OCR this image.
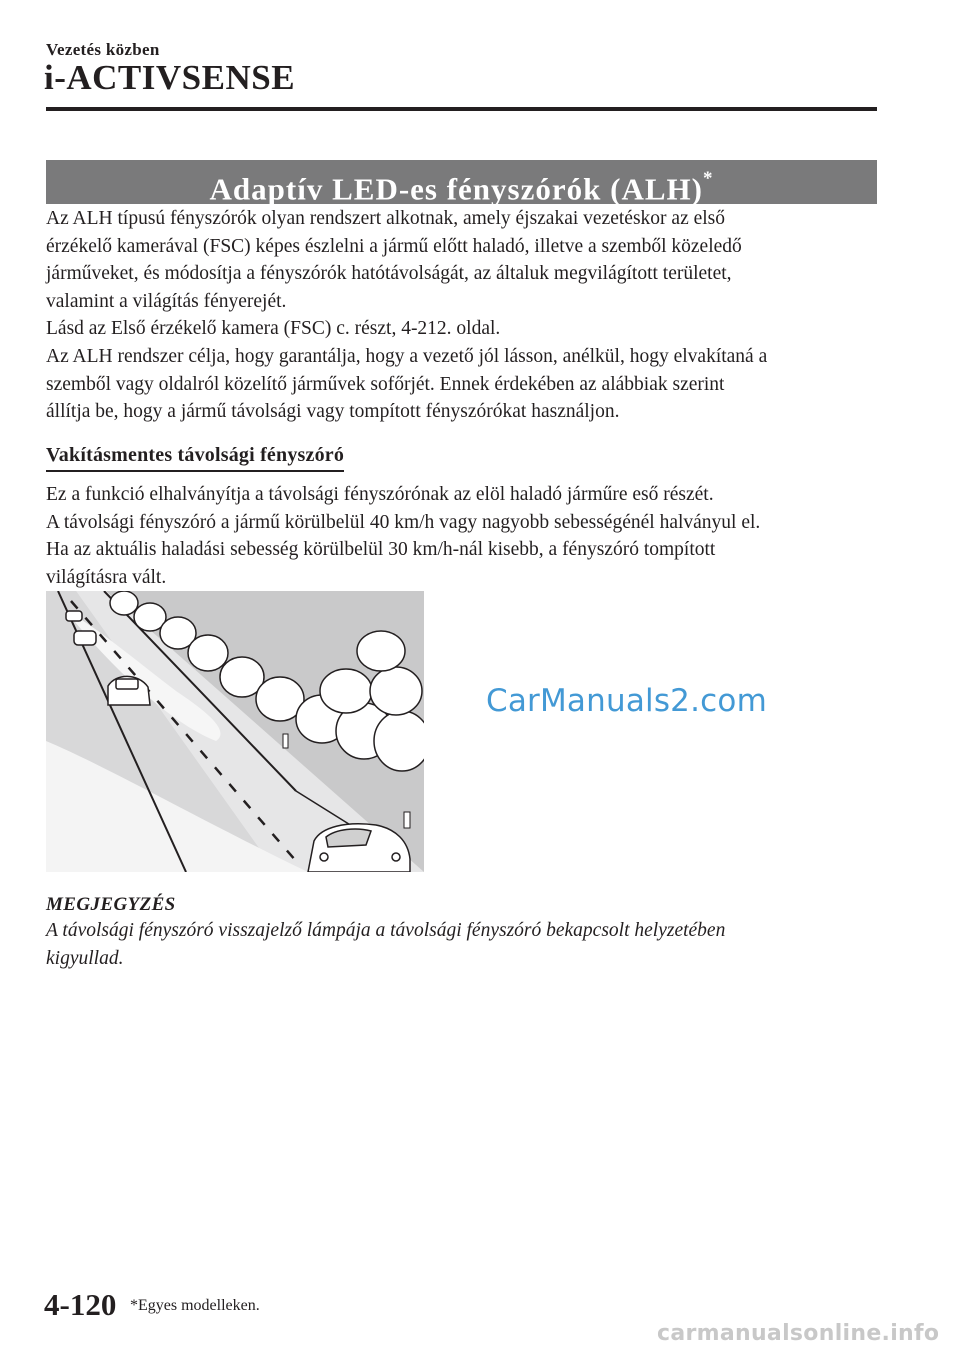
Vezetés közben
i-ACTIVSENSE
Adaptív LED-es fényszórók (ALH)*

Az ALH típusú fényszórók olyan rendszert alkotnak, amely éjszakai vezetéskor az első
érzékelő kamerával (FSC) képes észlelni a jármű előtt haladó, illetve a szemből közeledő
járműveket, és módosítja a fényszórók hatótávolságát, az általuk megvilágított területet,
valamint a világítás fényerejét.
Lásd az Első érzékelő kamera (FSC) c. részt, 4-212. oldal.
Az ALH rendszer célja, hogy garantálja, hogy a vezető jól lásson, anélkül, hogy elvakítaná a
szemből vagy oldalról közelítő járművek sofőrjét. Ennek érdekében az alábbiak szerint
állítja be, hogy a jármű távolsági vagy tompított fényszórókat használjon.

Vakításmentes távolsági fényszóró

Ez a funkció elhalványítja a távolsági fényszórónak az elöl haladó járműre eső részét.
A távolsági fényszóró a jármű körülbelül 40 km/h vagy nagyobb sebességénél halványul el.
Ha az aktuális haladási sebesség körülbelül 30 km/h-nál kisebb, a fényszóró tompított
világításra vált.

CarManuals2.com
MEGJEGYZÉS

A távolsági fényszóró visszajelző lámpája a távolsági fényszóró bekapcsolt helyzetében
kigyullad.

4-120 *Egyes modelleken.
carmanualsonline.info
